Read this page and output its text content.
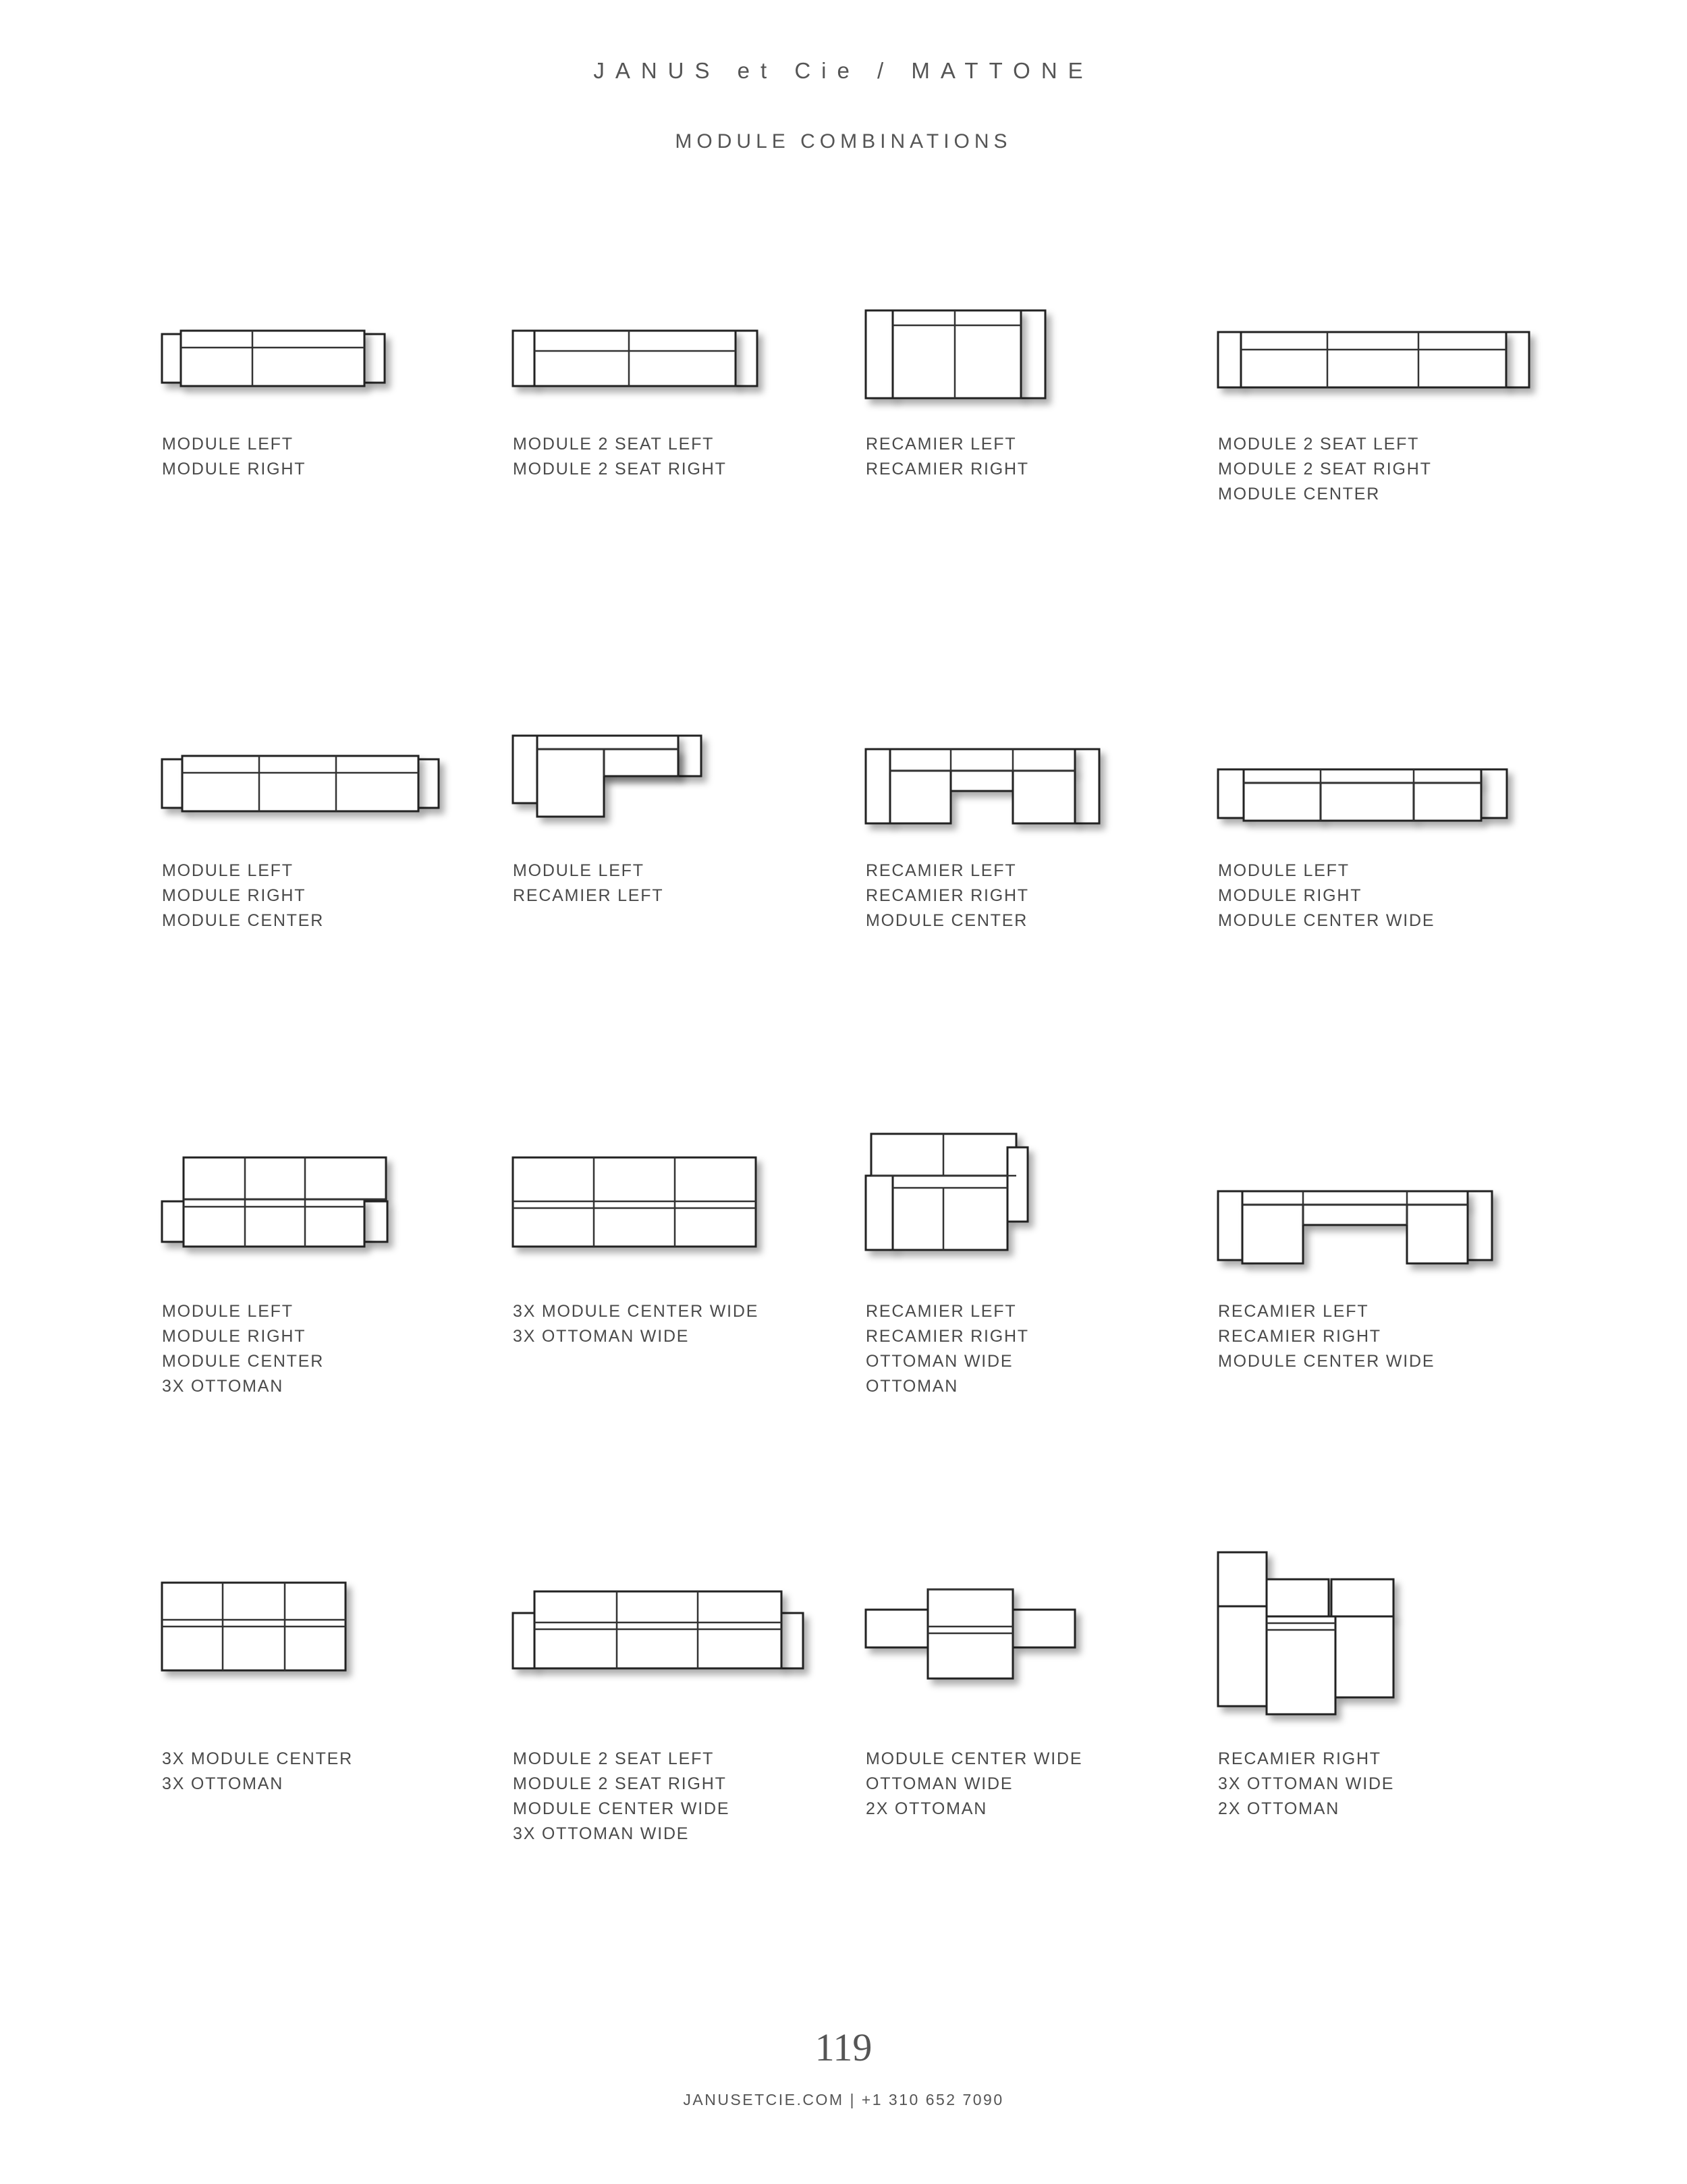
JANUS et Cie / MATTONE
MODULE COMBINATIONS
MODULE LEFT
MODULE RIGHT
MODULE 2 SEAT LEFT
MODULE 2 SEAT RIGHT
RECAMIER LEFT
RECAMIER RIGHT
MODULE 2 SEAT LEFT
MODULE 2 SEAT RIGHT
MODULE CENTER
MODULE LEFT
MODULE RIGHT
MODULE CENTER
MODULE LEFT
RECAMIER LEFT
RECAMIER LEFT
RECAMIER RIGHT
MODULE CENTER
MODULE LEFT
MODULE RIGHT
MODULE CENTER WIDE
MODULE LEFT
MODULE RIGHT
MODULE CENTER
3X OTTOMAN
3X MODULE CENTER WIDE
3X OTTOMAN WIDE
RECAMIER LEFT
RECAMIER RIGHT
OTTOMAN WIDE
OTTOMAN
RECAMIER LEFT
RECAMIER RIGHT
MODULE CENTER WIDE
3X MODULE CENTER
3X OTTOMAN
MODULE 2 SEAT LEFT
MODULE 2 SEAT RIGHT
MODULE CENTER WIDE
3X OTTOMAN WIDE
MODULE CENTER WIDE
OTTOMAN WIDE
2X OTTOMAN
RECAMIER RIGHT
3X OTTOMAN WIDE
2X OTTOMAN
119
JANUSETCIE.COM | +1 310 652 7090
